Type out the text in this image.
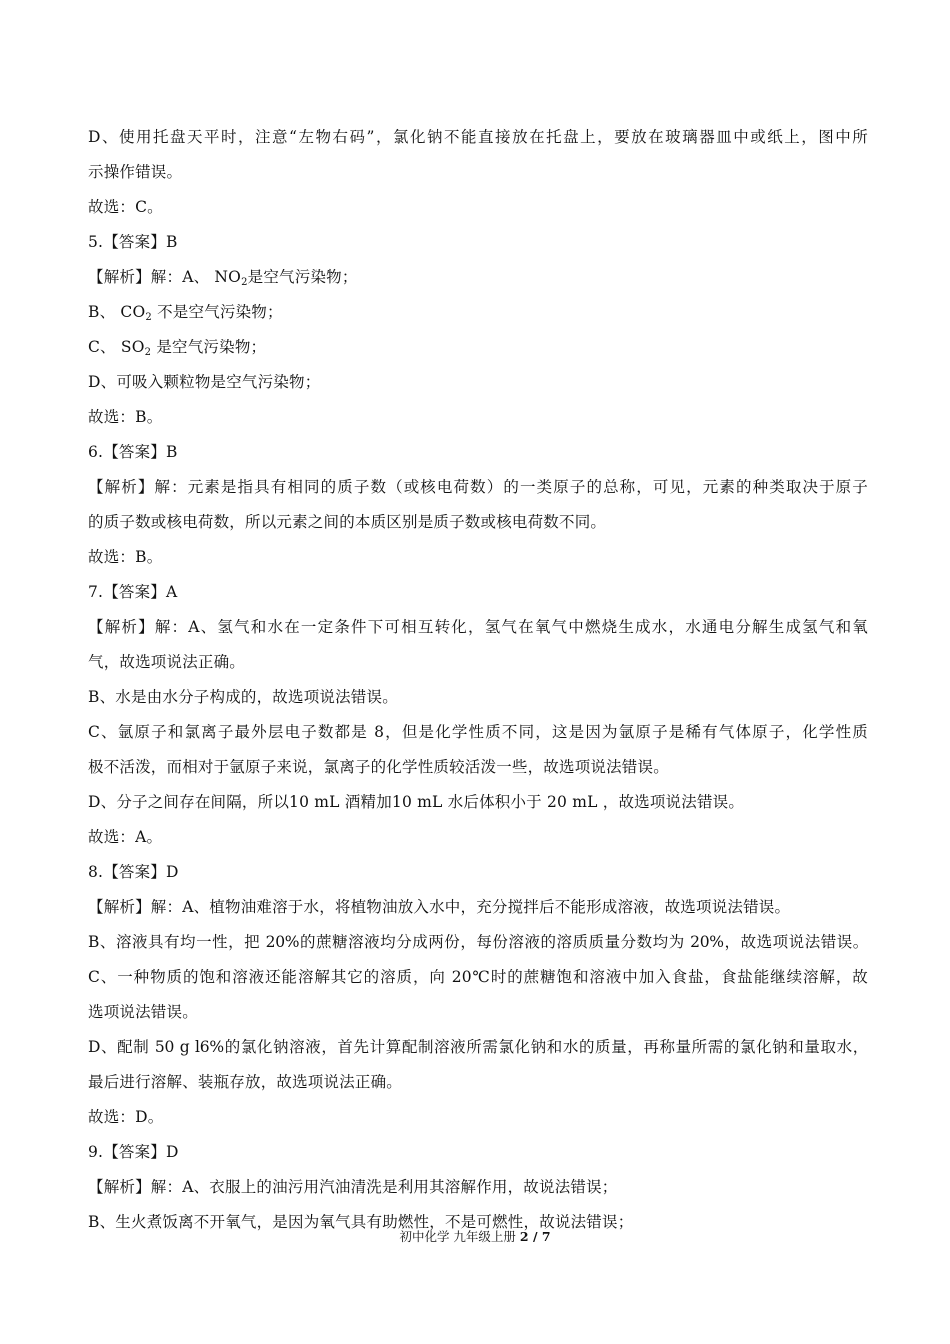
D、使用托盘天平时，注意“左物右码”，氯化钠不能直接放在托盘上，要放在玻璃器皿中或纸上，图中所
示操作错误。
故选：C。
5.【答案】B
【解析】解：A、 $NO_2$是空气污染物；
B、 $CO_2$ 不是空气污染物；
C、 $SO_2$ 是空气污染物；
D、可吸入颗粒物是空气污染物；
故选：B。
6.【答案】B
【解析】解：元素是指具有相同的质子数（或核电荷数）的一类原子的总称，可见，元素的种类取决于原子
的质子数或核电荷数，所以元素之间的本质区别是质子数或核电荷数不同。
故选：B。
7.【答案】A
【解析】解：A、氢气和水在一定条件下可相互转化，氢气在氧气中燃烧生成水，水通电分解生成氢气和氧
气，故选项说法正确。
B、水是由水分子构成的，故选项说法错误。
C、氩原子和氯离子最外层电子数都是 8，但是化学性质不同，这是因为氩原子是稀有气体原子，化学性质
极不活泼，而相对于氩原子来说，氯离子的化学性质较活泼一些，故选项说法错误。
D、分子之间存在间隔，所以10 mL 酒精加10 mL 水后体积小于 20 mL ，故选项说法错误。
故选：A。
8.【答案】D
【解析】解：A、植物油难溶于水，将植物油放入水中，充分搅拌后不能形成溶液，故选项说法错误。
B、溶液具有均一性，把 20%的蔗糖溶液均分成两份，每份溶液的溶质质量分数均为 20%，故选项说法错误。
C、一种物质的饱和溶液还能溶解其它的溶质，向 20℃时的蔗糖饱和溶液中加入食盐，食盐能继续溶解，故
选项说法错误。
D、配制 50 g l6%的氯化钠溶液，首先计算配制溶液所需氯化钠和水的质量，再称量所需的氯化钠和量取水，
最后进行溶解、装瓶存放，故选项说法正确。
故选：D。
9.【答案】D
【解析】解：A、衣服上的油污用汽油清洗是利用其溶解作用，故说法错误；
B、生火煮饭离不开氧气，是因为氧气具有助燃性，不是可燃性，故说法错误；
初中化学 九年级上册 2 / 7
